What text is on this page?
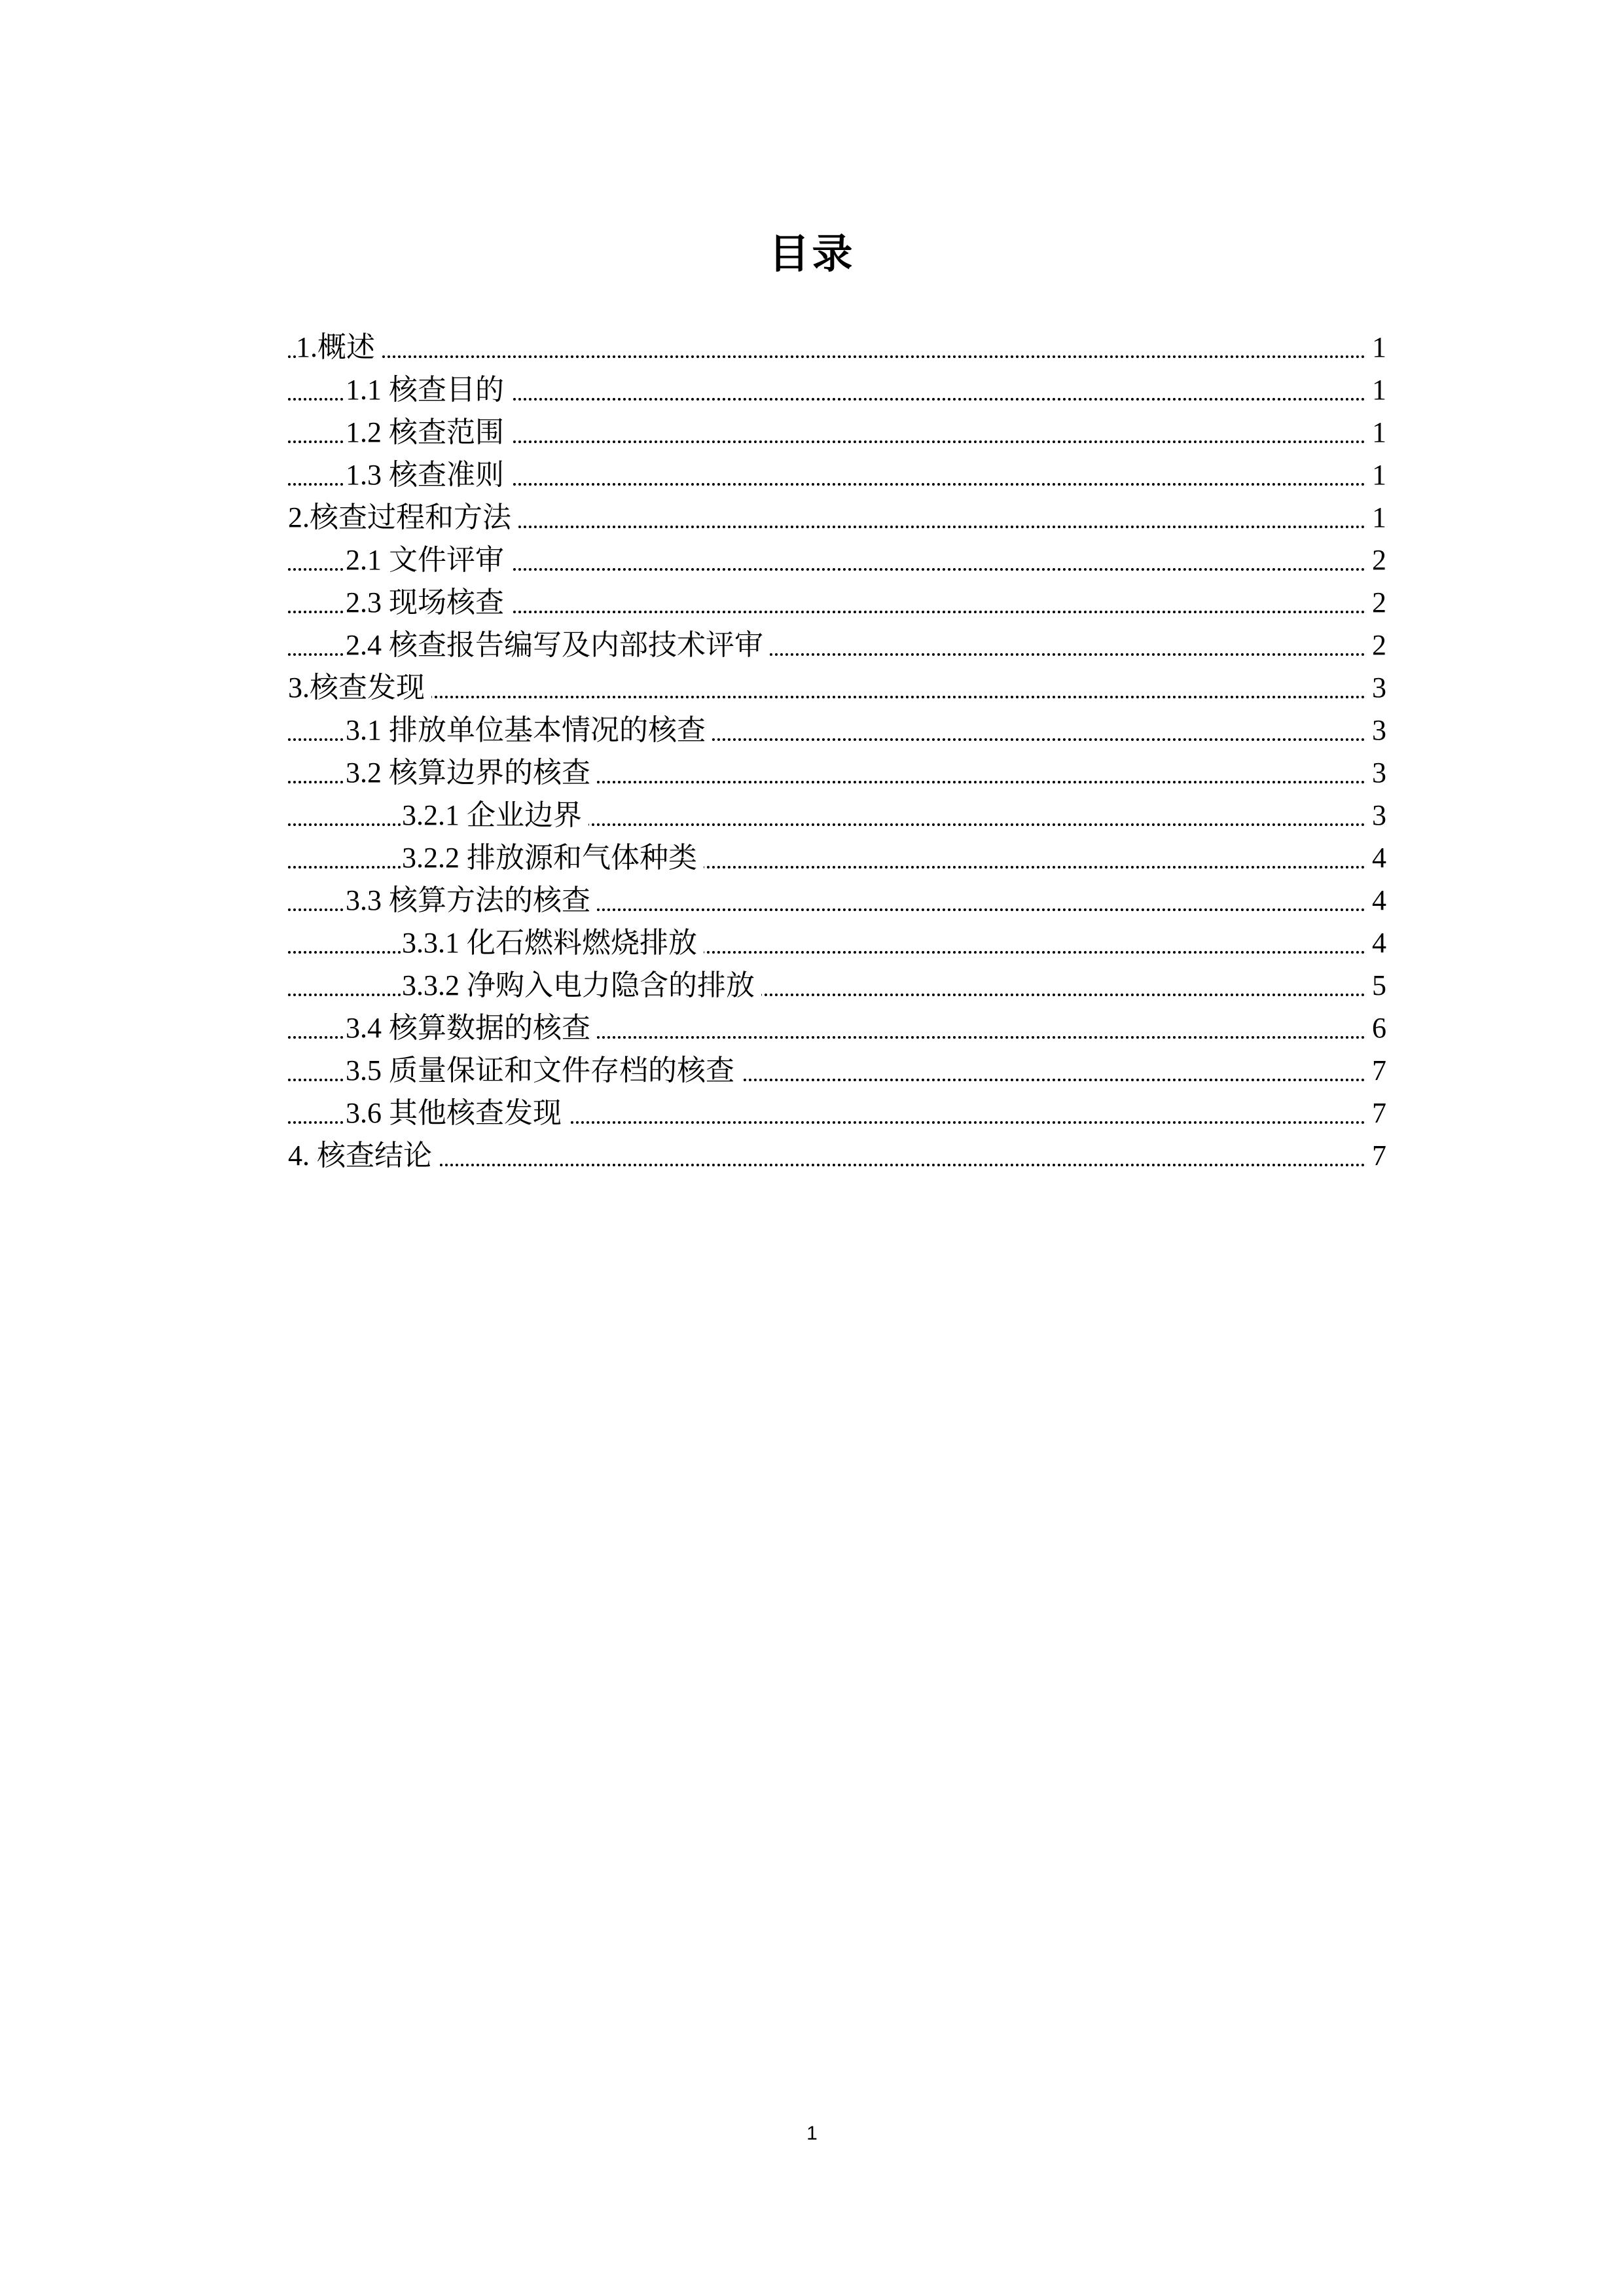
目录
1.概述	1
1.1 核查目的	1
1.2 核查范围	1
1.3 核查准则	1
2.核查过程和方法	1
2.1 文件评审	2
2.3 现场核查	2
2.4 核查报告编写及内部技术评审	2
3.核查发现	3
3.1 排放单位基本情况的核查	3
3.2 核算边界的核查	3
3.2.1 企业边界	3
3.2.2 排放源和气体种类	4
3.3 核算方法的核查	4
3.3.1 化石燃料燃烧排放	4
3.3.2 净购入电力隐含的排放	5
3.4 核算数据的核查	6
3.5 质量保证和文件存档的核查	7
3.6 其他核查发现	7
4. 核查结论	7
1
